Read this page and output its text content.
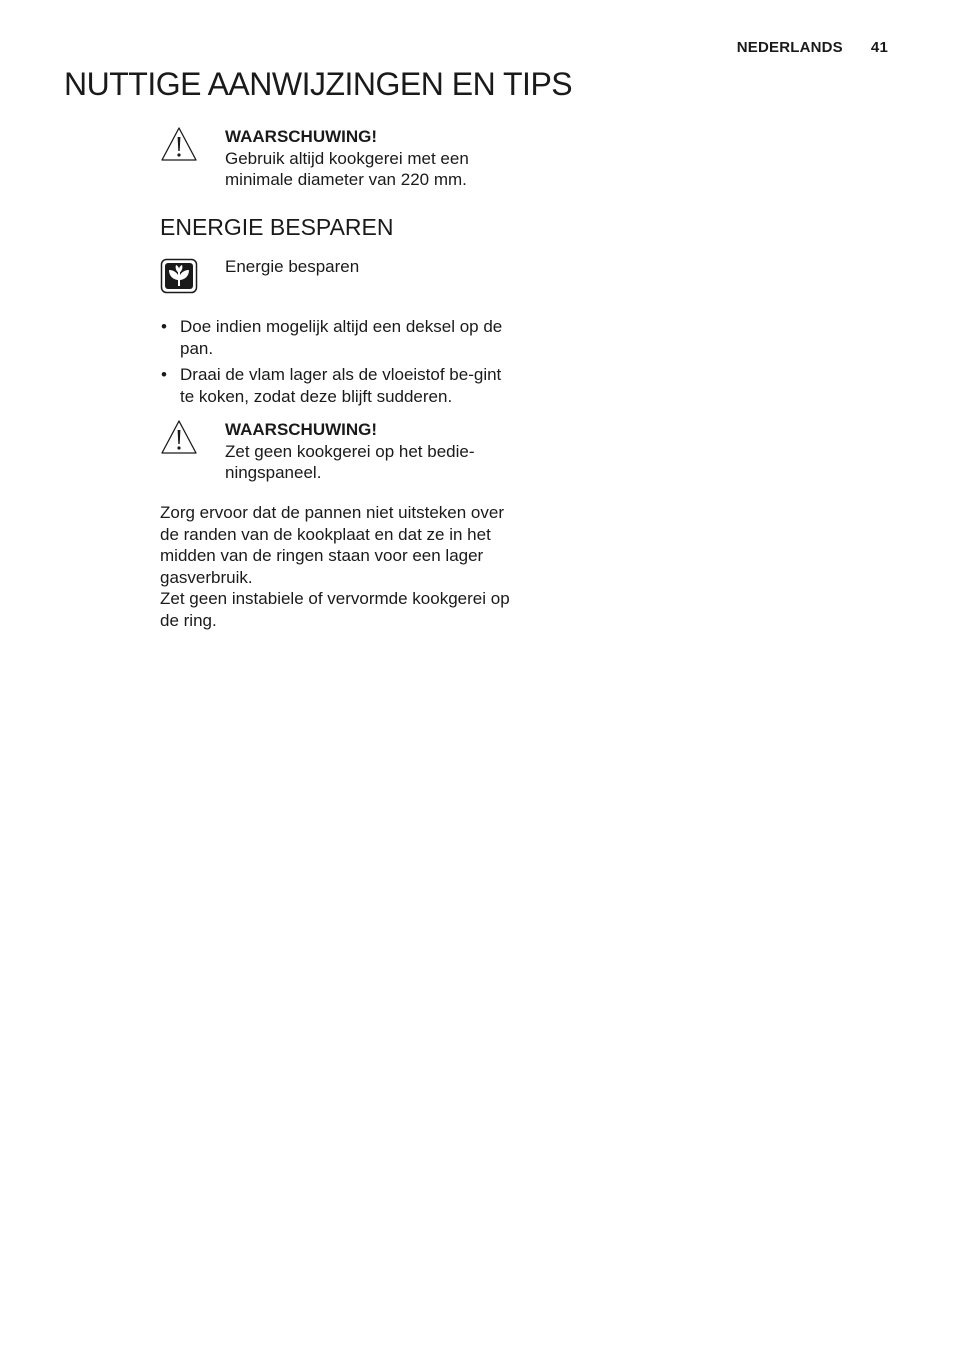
NEDERLANDS 41
NUTTIGE AANWIJZINGEN EN TIPS
WAARSCHUWING!
Gebruik altijd kookgerei met een minimale diameter van 220 mm.
ENERGIE BESPAREN
Energie besparen
• Doe indien mogelijk altijd een deksel op de pan.
• Draai de vlam lager als de vloeistof be-gint te koken, zodat deze blijft sudderen.
WAARSCHUWING!
Zet geen kookgerei op het bedie-ningspaneel.

Zorg ervoor dat de pannen niet uitsteken over de randen van de kookplaat en dat ze in het midden van de ringen staan voor een lager gasverbruik.

Zet geen instabiele of vervormde kookgerei op de ring.
